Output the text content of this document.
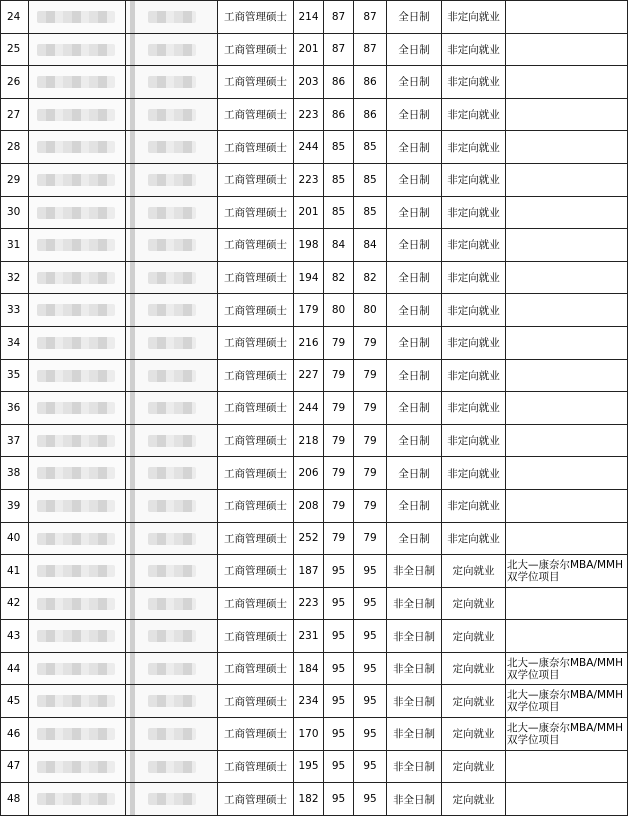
24			工商管理硕士	214	87	87	全日制	非定向就业	
25			工商管理硕士	201	87	87	全日制	非定向就业	
26			工商管理硕士	203	86	86	全日制	非定向就业	
27			工商管理硕士	223	86	86	全日制	非定向就业	
28			工商管理硕士	244	85	85	全日制	非定向就业	
29			工商管理硕士	223	85	85	全日制	非定向就业	
30			工商管理硕士	201	85	85	全日制	非定向就业	
31			工商管理硕士	198	84	84	全日制	非定向就业	
32			工商管理硕士	194	82	82	全日制	非定向就业	
33			工商管理硕士	179	80	80	全日制	非定向就业	
34			工商管理硕士	216	79	79	全日制	非定向就业	
35			工商管理硕士	227	79	79	全日制	非定向就业	
36			工商管理硕士	244	79	79	全日制	非定向就业	
37			工商管理硕士	218	79	79	全日制	非定向就业	
38			工商管理硕士	206	79	79	全日制	非定向就业	
39			工商管理硕士	208	79	79	全日制	非定向就业	
40			工商管理硕士	252	79	79	全日制	非定向就业	
41			工商管理硕士	187	95	95	非全日制	定向就业	北大—康奈尔MBA/MMH双学位项目
42			工商管理硕士	223	95	95	非全日制	定向就业	
43			工商管理硕士	231	95	95	非全日制	定向就业	
44			工商管理硕士	184	95	95	非全日制	定向就业	北大—康奈尔MBA/MMH双学位项目
45			工商管理硕士	234	95	95	非全日制	定向就业	北大—康奈尔MBA/MMH双学位项目
46			工商管理硕士	170	95	95	非全日制	定向就业	北大—康奈尔MBA/MMH双学位项目
47			工商管理硕士	195	95	95	非全日制	定向就业	
48			工商管理硕士	182	95	95	非全日制	定向就业	
